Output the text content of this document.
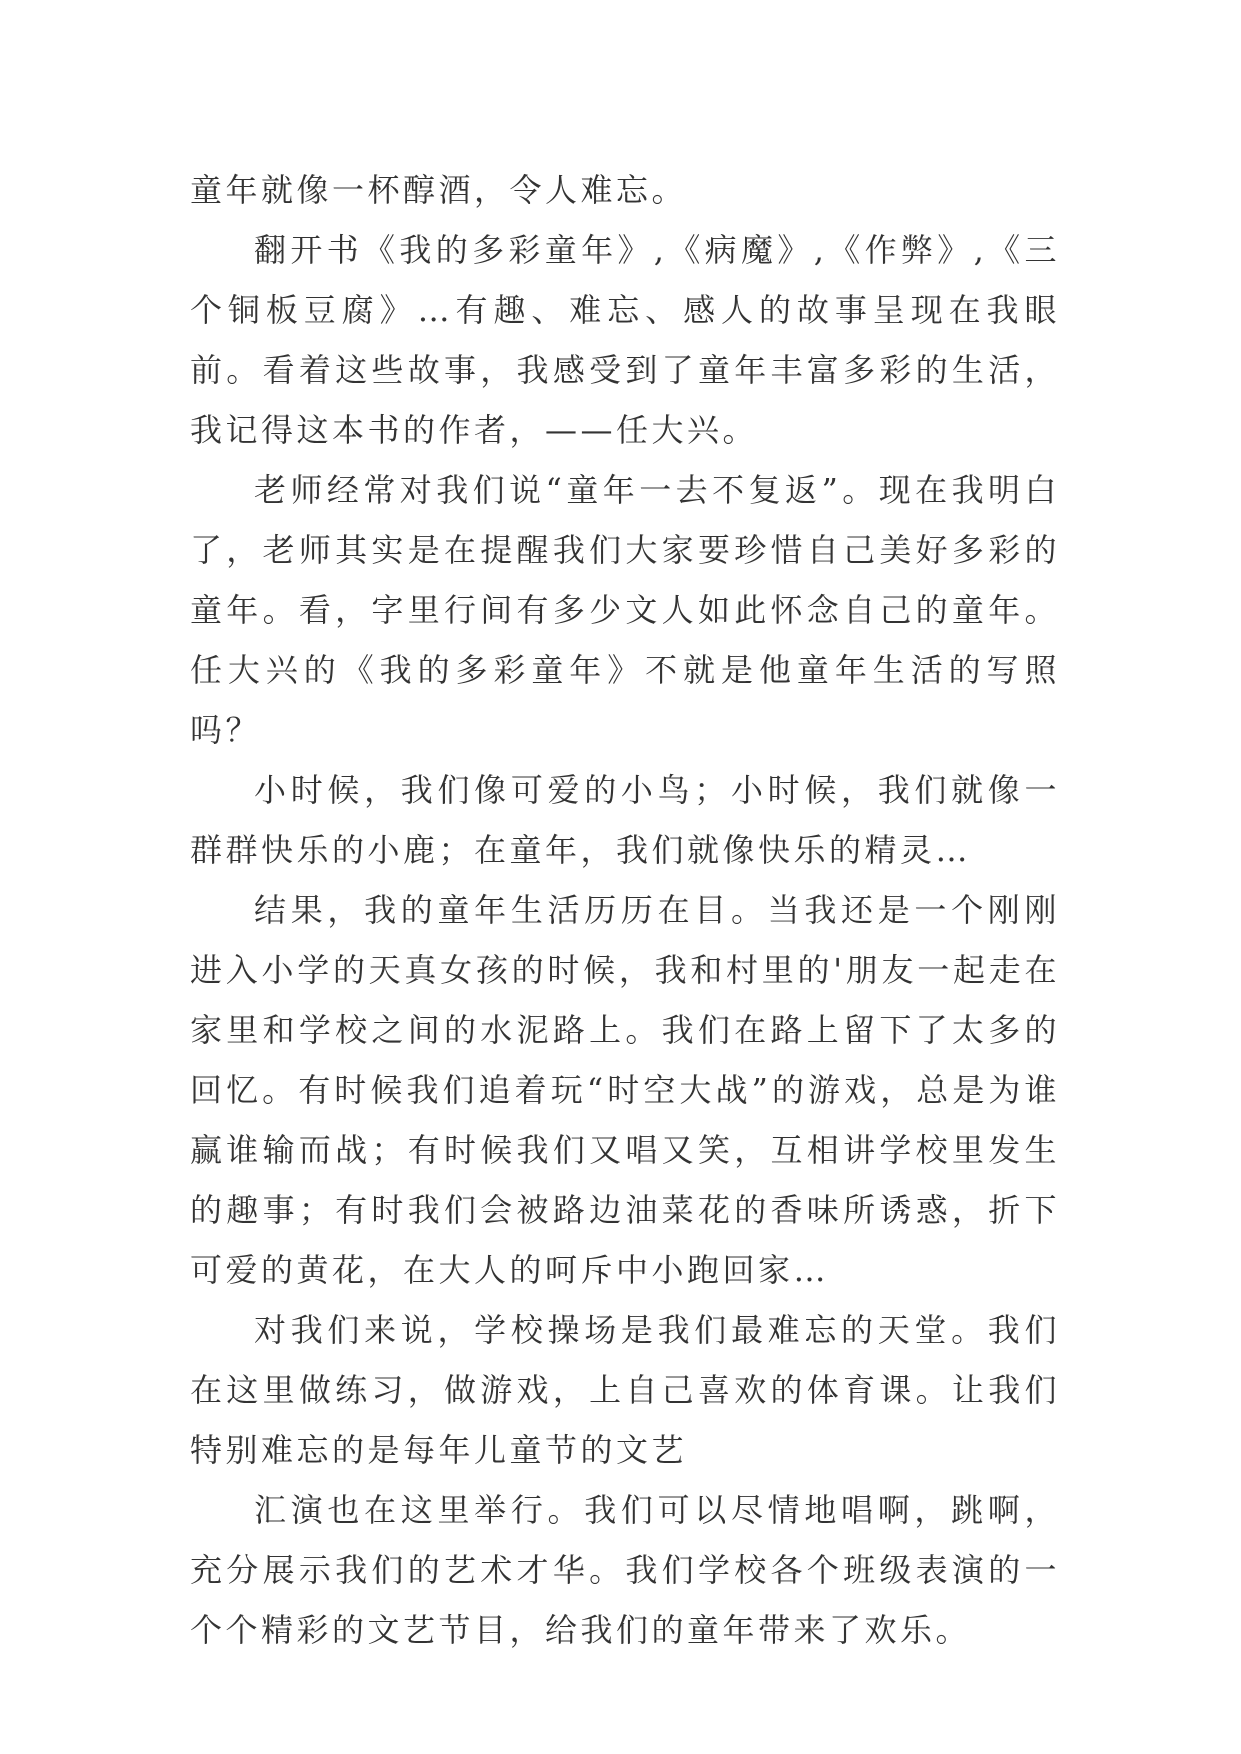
童年就像一杯醇酒，令人难忘。

翻开书《我的多彩童年》,《病魔》,《作弊》,《三个铜板豆腐》…有趣、难忘、感人的故事呈现在我眼前。看着这些故事，我感受到了童年丰富多彩的生活，我记得这本书的作者，——任大兴。

老师经常对我们说“童年一去不复返”。现在我明白了，老师其实是在提醒我们大家要珍惜自己美好多彩的童年。看，字里行间有多少文人如此怀念自己的童年。任大兴的《我的多彩童年》不就是他童年生活的写照吗？

小时候，我们像可爱的小鸟；小时候，我们就像一群群快乐的小鹿；在童年，我们就像快乐的精灵…

结果，我的童年生活历历在目。当我还是一个刚刚进入小学的天真女孩的时候，我和村里的'朋友一起走在家里和学校之间的水泥路上。我们在路上留下了太多的回忆。有时候我们追着玩“时空大战”的游戏，总是为谁赢谁输而战；有时候我们又唱又笑，互相讲学校里发生的趣事；有时我们会被路边油菜花的香味所诱惑，折下可爱的黄花，在大人的呵斥中小跑回家…

对我们来说，学校操场是我们最难忘的天堂。我们在这里做练习，做游戏，上自己喜欢的体育课。让我们特别难忘的是每年儿童节的文艺

汇演也在这里举行。我们可以尽情地唱啊，跳啊，充分展示我们的艺术才华。我们学校各个班级表演的一个个精彩的文艺节目，给我们的童年带来了欢乐。
